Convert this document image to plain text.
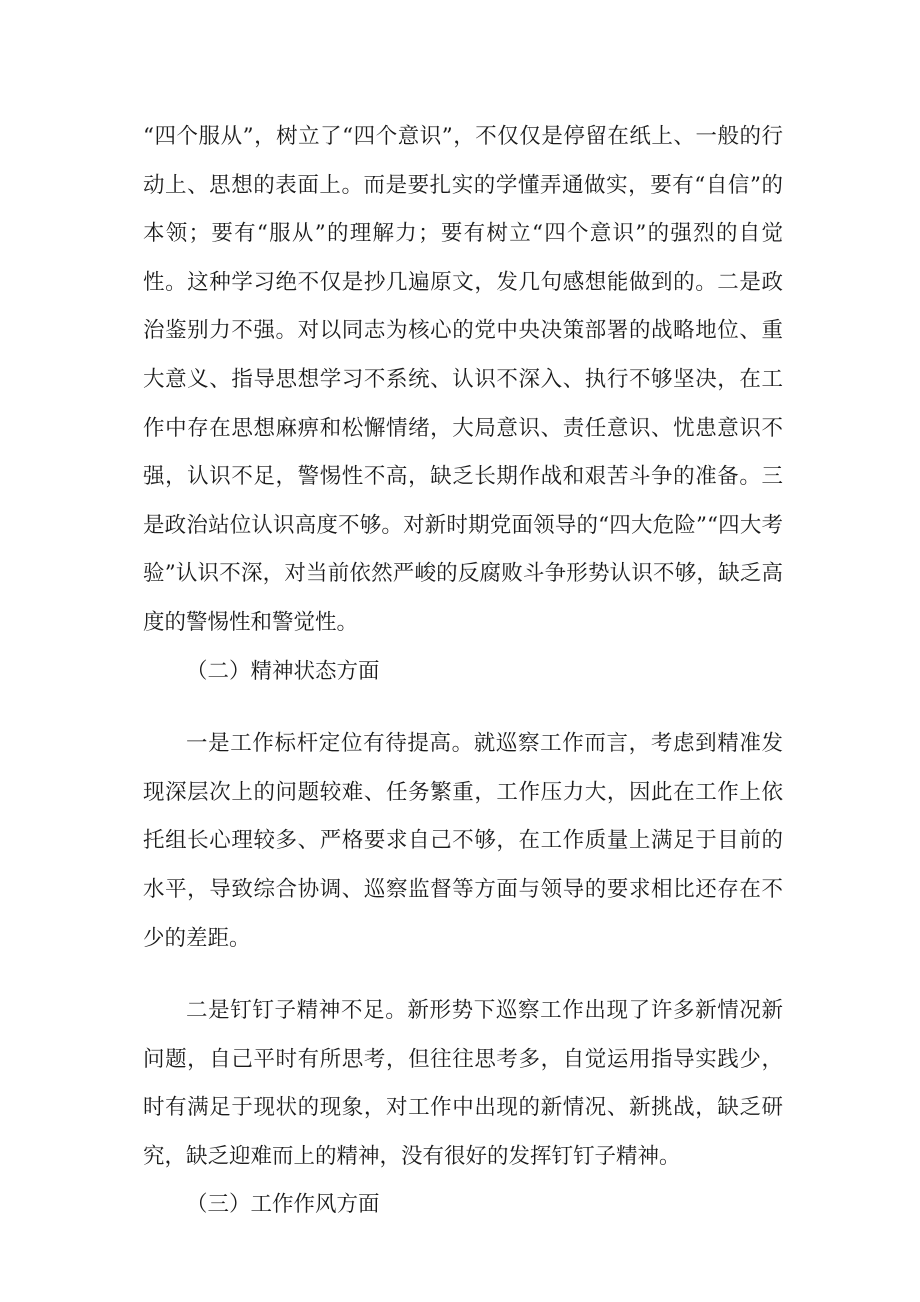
“四个服从”，树立了“四个意识”，不仅仅是停留在纸上、一般的行动上、思想的表面上。而是要扎实的学懂弄通做实，要有“自信”的本领；要有“服从”的理解力；要有树立“四个意识”的强烈的自觉性。这种学习绝不仅是抄几遍原文，发几句感想能做到的。二是政治鉴别力不强。对以同志为核心的党中央决策部署的战略地位、重大意义、指导思想学习不系统、认识不深入、执行不够坚决，在工作中存在思想麻痹和松懈情绪，大局意识、责任意识、忧患意识不强，认识不足，警惕性不高，缺乏长期作战和艰苦斗争的准备。三是政治站位认识高度不够。对新时期党面领导的“四大危险”“四大考验”认识不深，对当前依然严峻的反腐败斗争形势认识不够，缺乏高度的警惕性和警觉性。

（二）精神状态方面

一是工作标杆定位有待提高。就巡察工作而言，考虑到精准发现深层次上的问题较难、任务繁重，工作压力大，因此在工作上依托组长心理较多、严格要求自己不够，在工作质量上满足于目前的水平，导致综合协调、巡察监督等方面与领导的要求相比还存在不少的差距。

二是钉钉子精神不足。新形势下巡察工作出现了许多新情况新问题，自己平时有所思考，但往往思考多，自觉运用指导实践少，时有满足于现状的现象，对工作中出现的新情况、新挑战，缺乏研究，缺乏迎难而上的精神，没有很好的发挥钉钉子精神。

（三）工作作风方面
